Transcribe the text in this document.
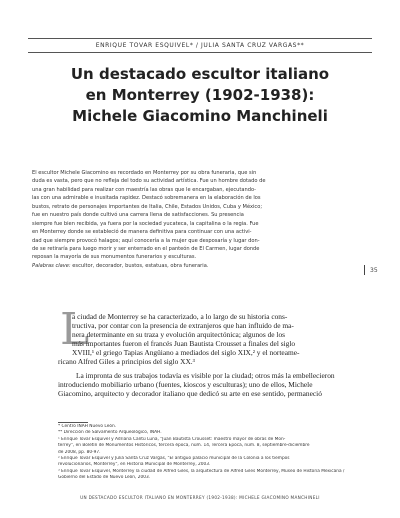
ENRIQUE TOVAR ESQUIVEL* / JULIA SANTA CRUZ VARGAS**
Un destacado escultor italiano
en Monterrey (1902-1938):
Michele Giacomino Manchineli
El escultor Michele Giacomino es recordado en Monterrey por su obra funeraria, que sin
duda es vasta, pero que no refleja del todo su actividad artística. Fue un hombre dotado de
una gran habilidad para realizar con maestría las obras que le encargaban, ejecutando-
las con una admirable e inusitada rapidez. Destacó sobremanera en la elaboración de los
bustos, retrato de personajes importantes de Italia, Chile, Estados Unidos, Cuba y México;
fue en nuestro país donde cultivó una carrera llena de satisfacciones. Su presencia
siempre fue bien recibida, ya fuera por la sociedad yucateca, la capitalina o la regia. Fue
en Monterrey donde se estableció de manera definitiva para continuar con una activi-
dad que siempre provocó halagos; aquí conocería a la mujer que desposaría y lugar don-
de se retiraría para luego morir y ser enterrado en el panteón de El Carmen, lugar donde
reposan la mayoría de sus monumentos funerarios y esculturas.
Palabras clave: escultor, decorador, bustos, estatuas, obra funeraria.
35
L
a ciudad de Monterrey se ha caracterizado, a lo largo de su historia cons-
tructiva, por contar con la presencia de extranjeros que han influido de ma-
nera determinante en su traza y evolución arquitectónica; algunos de los
más importantes fueron el francés Juan Bautista Crousset a finales del siglo
XVIII,¹ el griego Tapias Angüiano a mediados del siglo XIX,² y el norteame-
ricano Alfred Giles a principios del siglo XX.³
La impronta de sus trabajos todavía es visible por la ciudad; otros más la embellecieron
introduciendo mobiliario urbano (fuentes, kioscos y esculturas); uno de ellos, Michele
Giacomino, arquitecto y decorador italiano que dedicó su arte en ese sentido, permaneció
* Centro INAH Nuevo León.
** Dirección de Salvamento Arqueológico, INAH.
¹ Enrique Tovar Esquivel y Adriana Cantú Luna, "Juan Bautista Crousset: maestro mayor de obras de Mon-
terrey", en Boletín de Monumentos Históricos, tercera época, núm. 14, Tercera Época, núm. 8, septiembre-diciembre
de 2008, pp. 80-97.
² Enrique Tovar Esquivel y Julia Santa Cruz Vargas, "El antiguo palacio municipal de la Colonia a los tiempos
revolucionarios, Monterrey", en Historia Municipal de Monterrey, 2003.
³ Enrique Tovar Esquivel, Monterrey la ciudad de Alfred Giles, la arquitectura de Alfred Giles Monterrey, Museo de Historia Mexicana /
Gobierno del Estado de Nuevo León, 2003.
UN DESTACADO ESCULTOR ITALIANO EN MONTERREY (1902-1938): MICHELE GIACOMINO MANCHINELI
